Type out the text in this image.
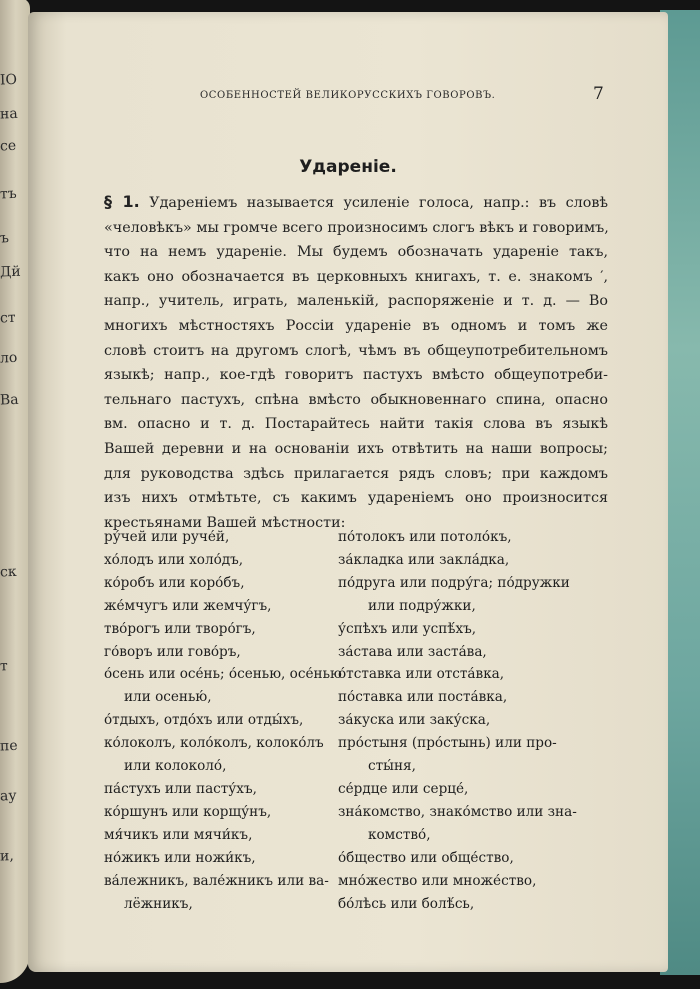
ІО
на
се
тъ
ъ
Дй
ст
ло
Ва
ск
т
пе
ау
и,
ОСОБЕННОСТЕЙ ВЕЛИКОРУССКИХЪ ГОВОРОВЪ.	7
Удареніе.
§ 1. Удареніемъ называется усиленіе голоса, напр.: въ словѣ
«человѣкъ» мы громче всего произносимъ слогъ вѣкъ и говоримъ,
что на немъ удареніе. Мы будемъ обозначать удареніе такъ,
какъ оно обозначается въ церковныхъ книгахъ, т. е. знакомъ ′,
напр., учитель, играть, маленькій, распоряженіе и т. д. — Во
многихъ мѣстностяхъ Россіи удареніе въ одномъ и томъ же
словѣ стоитъ на другомъ слогѣ, чѣмъ въ общеупотребительномъ
языкѣ; напр., кое-гдѣ говоритъ пастухъ вмѣсто общеупотреби-
тельнаго пастухъ, спѣна вмѣсто обыкновеннаго спина, опасно
вм. опасно и т. д. Постарайтесь найти такія слова въ языкѣ
Вашей деревни и на основаніи ихъ отвѣтить на наши вопросы;
для руководства здѣсь прилагается рядъ словъ; при каждомъ
изъ нихъ отмѣтьте, съ какимъ удареніемъ оно произносится
крестьянами Вашей мѣстности:
ру́чей или руче́й,
хо́лодъ или холо́дъ,
ко́робъ или коро́бъ,
же́мчугъ или жемчу́гъ,
тво́рогъ или творо́гъ,
го́воръ или гово́ръ,
о́сень или осе́нь; о́сенью, осе́нью
или осенью́,
о́тдыхъ, отдо́хъ или отды́хъ,
ко́локолъ, коло́колъ, колоко́лъ
или колоколо́,
па́стухъ или пасту́хъ,
ко́ршунъ или корщу́нъ,
мя́чикъ или мячи́къ,
но́жикъ или ножи́къ,
ва́лежникъ, вале́жникъ или ва-
лёжникъ,
по́толокъ или потоло́къ,
за́кладка или закла́дка,
по́друга или подру́га; по́дружки
или подру́жки,
у́спѣхъ или успѣ́хъ,
за́става или заста́ва,
о́тставка или отста́вка,
по́ставка или поста́вка,
за́куска или заку́ска,
про́стыня (про́стынь) или про-
сты́ня,
се́рдце или серце́,
зна́комство, знако́мство или зна-
комство́,
о́бщество или обще́ство,
мно́жество или множе́ство,
бо́лѣсь или болѣ́сь,
